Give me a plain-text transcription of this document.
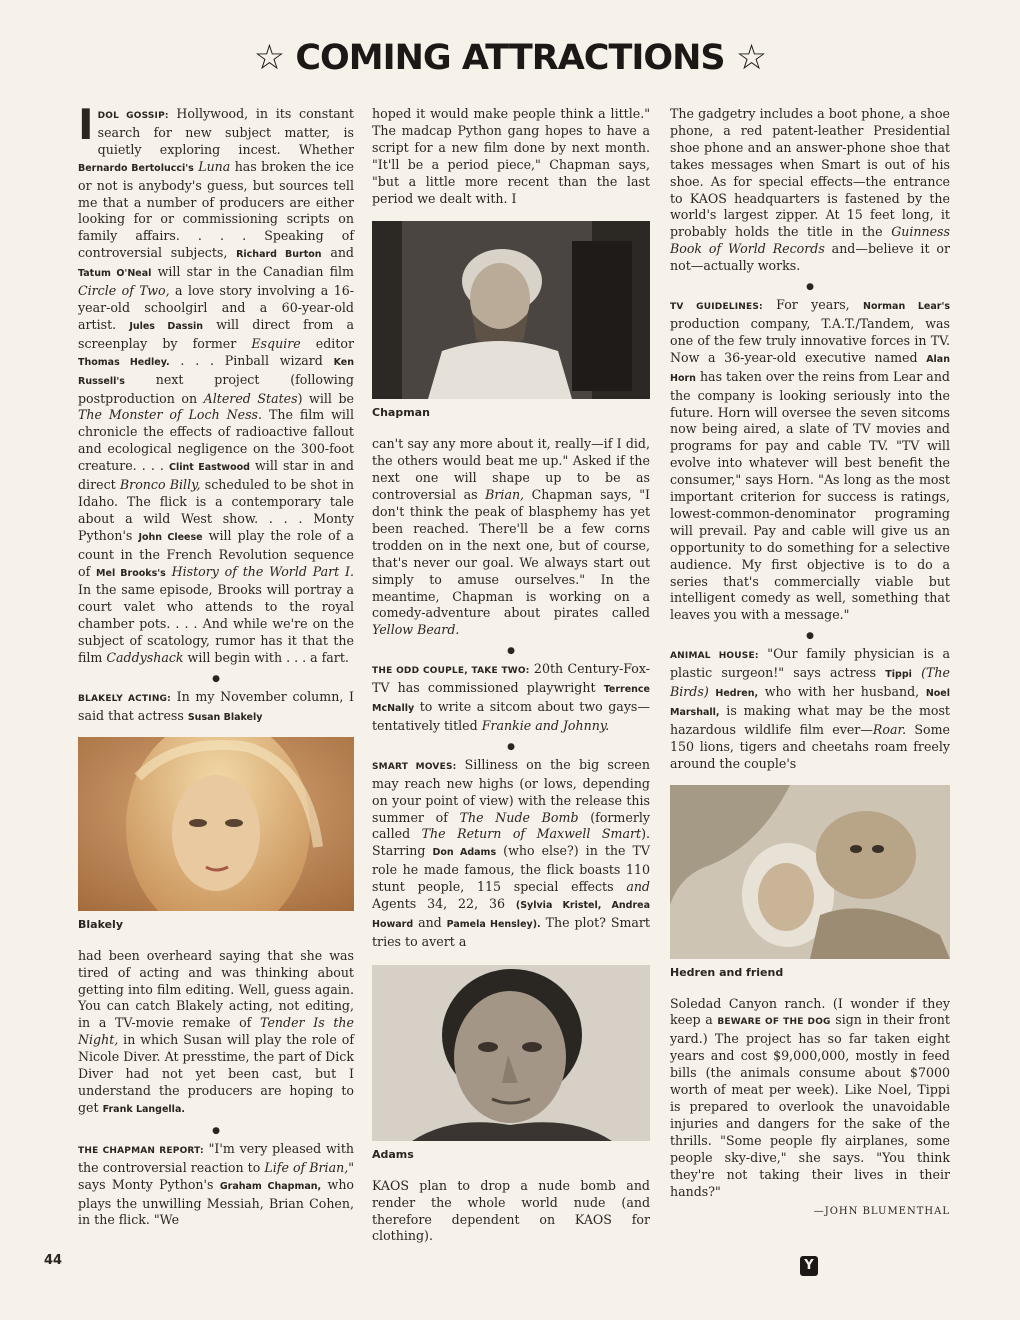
☆ COMING ATTRACTIONS ☆

IDOL GOSSIP: Hollywood, in its constant search for new subject matter, is quietly exploring incest. Whether Bernardo Bertolucci's Luna has broken the ice or not is anybody's guess, but sources tell me that a number of producers are either looking for or commissioning scripts on family affairs. . . . Speaking of controversial subjects, Richard Burton and Tatum O'Neal will star in the Canadian film Circle of Two, a love story involving a 16-year-old schoolgirl and a 60-year-old artist. Jules Dassin will direct from a screenplay by former Esquire editor Thomas Hedley. . . . Pinball wizard Ken Russell's next project (following postproduction on Altered States) will be The Monster of Loch Ness. The film will chronicle the effects of radioactive fallout and ecological negligence on the 300-foot creature. . . . Clint Eastwood will star in and direct Bronco Billy, scheduled to be shot in Idaho. The flick is a contemporary tale about a wild West show. . . . Monty Python's John Cleese will play the role of a count in the French Revolution sequence of Mel Brooks's History of the World Part I. In the same episode, Brooks will portray a court valet who attends to the royal chamber pots. . . . And while we're on the subject of scatology, rumor has it that the film Caddyshack will begin with . . . a fart.

●

BLAKELY ACTING: In my November column, I said that actress Susan Blakely

Blakely

had been overheard saying that she was tired of acting and was thinking about getting into film editing. Well, guess again. You can catch Blakely acting, not editing, in a TV-movie remake of Tender Is the Night, in which Susan will play the role of Nicole Diver. At presstime, the part of Dick Diver had not yet been cast, but I understand the producers are hoping to get Frank Langella.

●

THE CHAPMAN REPORT: "I'm very pleased with the controversial reaction to Life of Brian," says Monty Python's Graham Chapman, who plays the unwilling Messiah, Brian Cohen, in the flick. "We

hoped it would make people think a little." The madcap Python gang hopes to have a script for a new film done by next month. "It'll be a period piece," Chapman says, "but a little more recent than the last period we dealt with. I

Chapman

can't say any more about it, really—if I did, the others would beat me up." Asked if the next one will shape up to be as controversial as Brian, Chapman says, "I don't think the peak of blasphemy has yet been reached. There'll be a few corns trodden on in the next one, but of course, that's never our goal. We always start out simply to amuse ourselves." In the meantime, Chapman is working on a comedy-adventure about pirates called Yellow Beard.

●

THE ODD COUPLE, TAKE TWO: 20th Century-Fox-TV has commissioned playwright Terrence McNally to write a sitcom about two gays—tentatively titled Frankie and Johnny.

●

SMART MOVES: Silliness on the big screen may reach new highs (or lows, depending on your point of view) with the release this summer of The Nude Bomb (formerly called The Return of Maxwell Smart). Starring Don Adams (who else?) in the TV role he made famous, the flick boasts 110 stunt people, 115 special effects and Agents 34, 22, 36 (Sylvia Kristel, Andrea Howard and Pamela Hensley). The plot? Smart tries to avert a

Adams

KAOS plan to drop a nude bomb and render the whole world nude (and therefore dependent on KAOS for clothing).

The gadgetry includes a boot phone, a shoe phone, a red patent-leather Presidential shoe phone and an answer-phone shoe that takes messages when Smart is out of his shoe. As for special effects—the entrance to KAOS headquarters is fastened by the world's largest zipper. At 15 feet long, it probably holds the title in the Guinness Book of World Records and—believe it or not—actually works.

●

TV GUIDELINES: For years, Norman Lear's production company, T.A.T./Tandem, was one of the few truly innovative forces in TV. Now a 36-year-old executive named Alan Horn has taken over the reins from Lear and the company is looking seriously into the future. Horn will oversee the seven sitcoms now being aired, a slate of TV movies and programs for pay and cable TV. "TV will evolve into whatever will best benefit the consumer," says Horn. "As long as the most important criterion for success is ratings, lowest-common-denominator programing will prevail. Pay and cable will give us an opportunity to do something for a selective audience. My first objective is to do a series that's commercially viable but intelligent comedy as well, something that leaves you with a message."

●

ANIMAL HOUSE: "Our family physician is a plastic surgeon!" says actress Tippi (The Birds) Hedren, who with her husband, Noel Marshall, is making what may be the most hazardous wildlife film ever—Roar. Some 150 lions, tigers and cheetahs roam freely around the couple's

Hedren and friend

Soledad Canyon ranch. (I wonder if they keep a BEWARE OF THE DOG sign in their front yard.) The project has so far taken eight years and cost $9,000,000, mostly in feed bills (the animals consume about $7000 worth of meat per week). Like Noel, Tippi is prepared to overlook the unavoidable injuries and dangers for the sake of the thrills. "Some people fly airplanes, some people sky-dive," she says. "You think they're not taking their lives in their hands?"

—JOHN BLUMENTHAL
44	Y
